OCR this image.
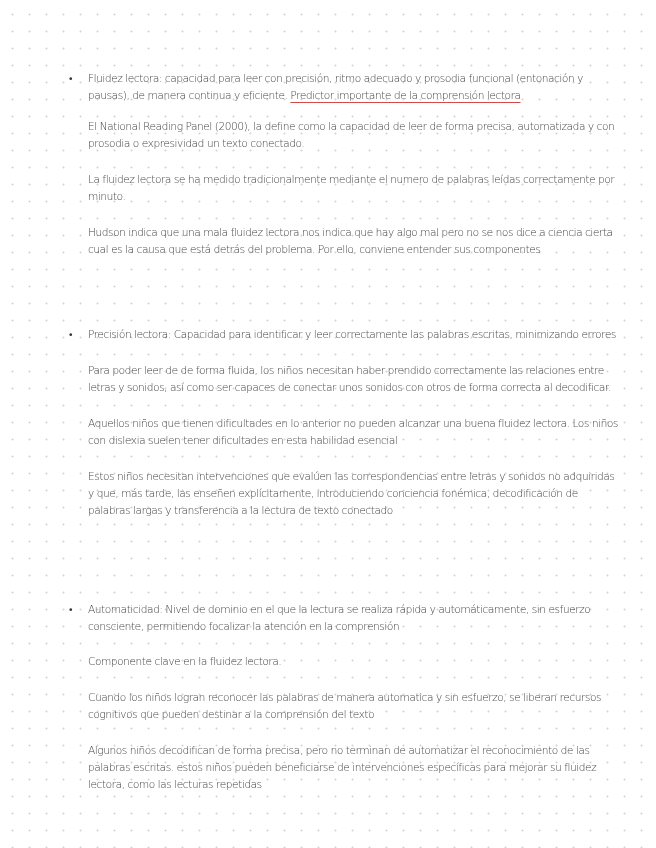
• Fluidez lectora: capacidad para leer con precisión, ritmo adecuado y prosodia funcional (entonación y pausas), de manera continua y eficiente. Predictor importante de la comprensión lectora

El National Reading Panel (2000), la define como la capacidad de leer de forma precisa, automatizada y con prosodia o expresividad un texto conectado.

La fluidez lectora se ha medido tradicionalmente mediante el numero de palabras leídas correctamente por minuto.

Hudson indica que una mala fluidez lectora nos indica que hay algo mal pero no se nos dice a ciencia cierta cual es la causa que está detrás del problema. Por ello, conviene entender sus componentes

• Precisión lectora: Capacidad para identificar y leer correctamente las palabras escritas, minimizando errores

Para poder leer de de forma fluida, los niños necesitan haber prendido correctamente las relaciones entre letras y sonidos, así como ser capaces de conectar unos sonidos con otros de forma correcta al decodificar.

Aquellos niños que tienen dificultades en lo anterior no pueden alcanzar una buena fluidez lectora. Los niños con dislexia suelen tener dificultades en esta habilidad esencial

Estos niños necesitan intervenciones que evalúen las correspondencias entre letras y sonidos no adquiridas y que, más tarde, las enseñen explícitamente, introduciendo conciencia fonémica, decodificación de palabras largas y transferencia a la lectura de texto conectado

• Automaticidad: Nivel de dominio en el que la lectura se realiza rápida y automáticamente, sin esfuerzo consciente, permitiendo focalizar la atención en la comprensión

Componente clave en la fluidez lectora.

Cuando los niños logran reconocer las palabras de manera automatica y sin esfuerzo, se liberan recursos cognitivos que pueden destinar a la comprensión del texto

Algunos niños decodifican de forma precisa, pero no terminan de automatizar el reconocimiento de las palabras escritas. estos niños pueden beneficiarse de intervenciones específicas para mejorar su fluidez lectora, como las lecturas repetidas
